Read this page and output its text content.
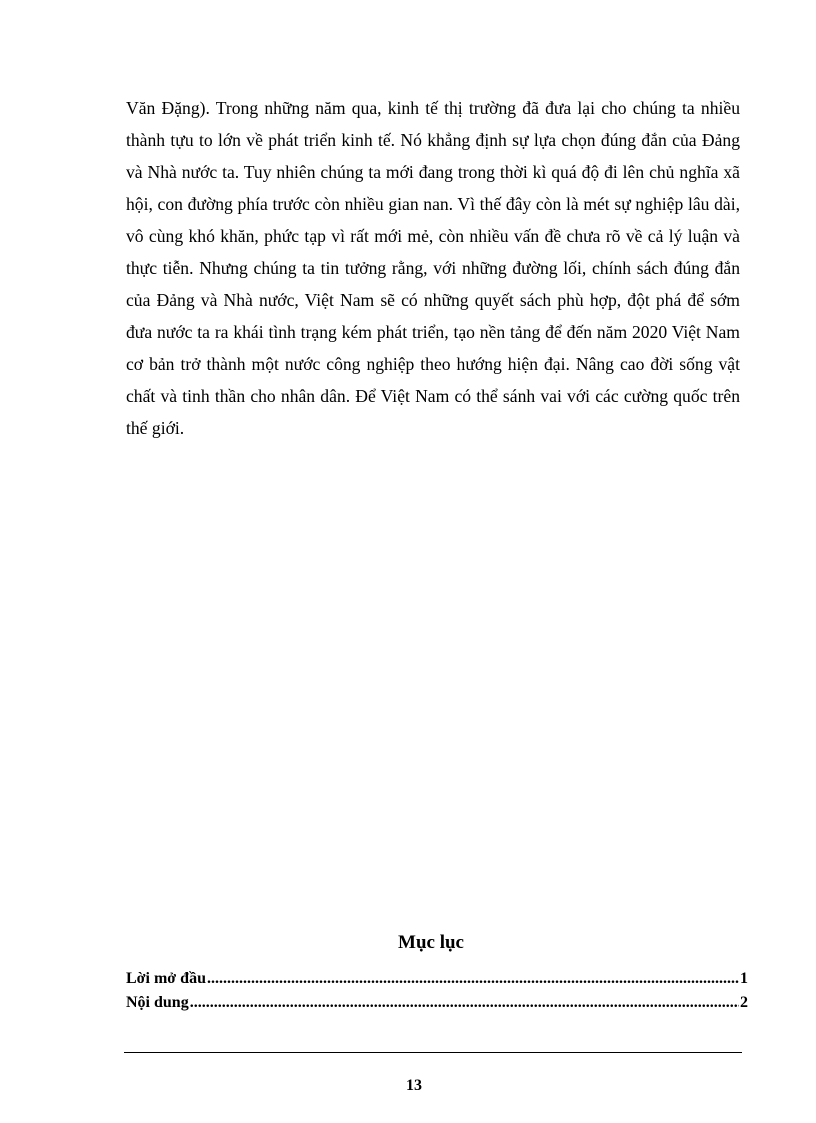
Văn Đặng). Trong những năm qua, kinh tế thị trường đã đưa lại cho chúng ta nhiều thành tựu to lớn về phát triển kinh tế. Nó khẳng định sự lựa chọn đúng đắn của Đảng và Nhà nước ta. Tuy nhiên chúng ta mới đang trong thời kì quá độ đi lên chủ nghĩa xã hội, con đường phía trước còn nhiều gian nan. Vì thế đây còn là mét sự nghiệp lâu dài, vô cùng khó khăn, phức tạp vì rất mới mẻ, còn nhiều vấn đề chưa rõ về cả lý luận và thực tiễn. Nhưng chúng ta tin tưởng rằng, với những đường lối, chính sách đúng đắn của Đảng và Nhà nước, Việt Nam sẽ có những quyết sách phù hợp, đột phá để sớm đưa nước ta ra khái tình trạng kém phát triển, tạo nền tảng để đến năm 2020 Việt Nam cơ bản trở thành một nước công nghiệp theo hướng hiện đại. Nâng cao đời sống vật chất và tinh thần cho nhân dân. Để Việt Nam có thể sánh vai với các cường quốc trên thế giới.

Mục lục
Lời mở đầu .....	1
Nội dung .....	2

13
